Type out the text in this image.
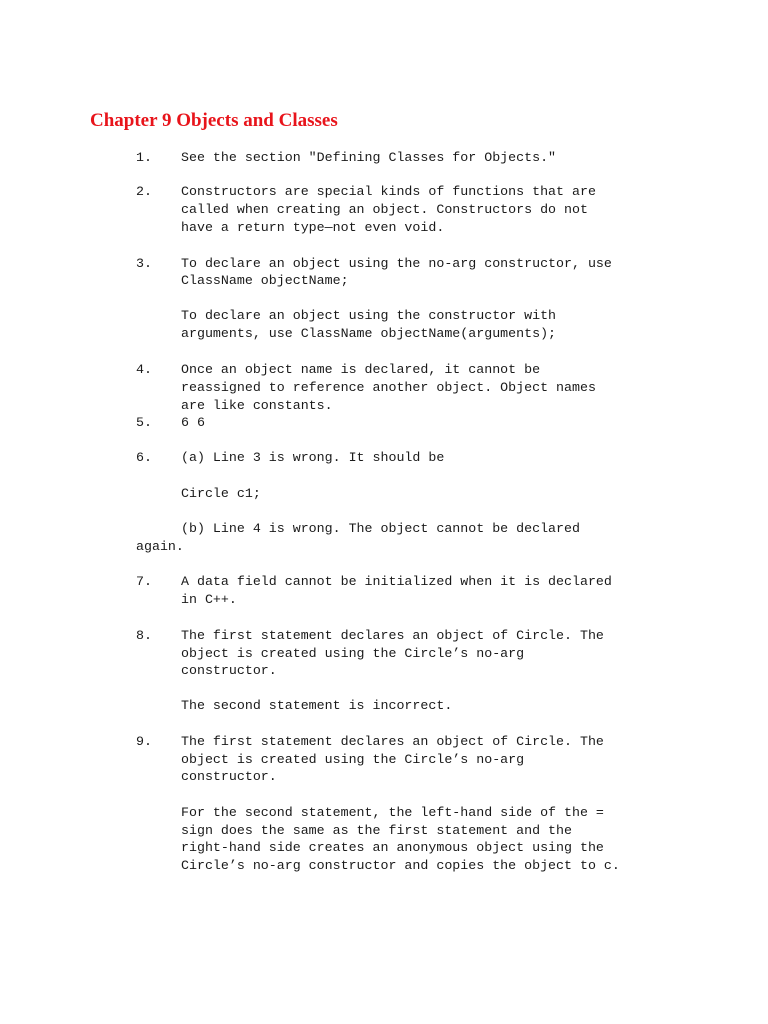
Chapter 9 Objects and Classes
1. See the section "Defining Classes for Objects."
2. Constructors are special kinds of functions that are
called when creating an object. Constructors do not
have a return type—not even void.
3. To declare an object using the no-arg constructor, use
ClassName objectName;
To declare an object using the constructor with
arguments, use ClassName objectName(arguments);
4. Once an object name is declared, it cannot be
reassigned to reference another object. Object names
are like constants.
5. 6 6
6. (a) Line 3 is wrong. It should be
Circle c1;
(b) Line 4 is wrong. The object cannot be declared
again.
7. A data field cannot be initialized when it is declared
in C++.
8. The first statement declares an object of Circle. The
object is created using the Circle’s no-arg
constructor.
The second statement is incorrect.
9. The first statement declares an object of Circle. The
object is created using the Circle’s no-arg
constructor.
For the second statement, the left-hand side of the =
sign does the same as the first statement and the
right-hand side creates an anonymous object using the
Circle’s no-arg constructor and copies the object to c.
